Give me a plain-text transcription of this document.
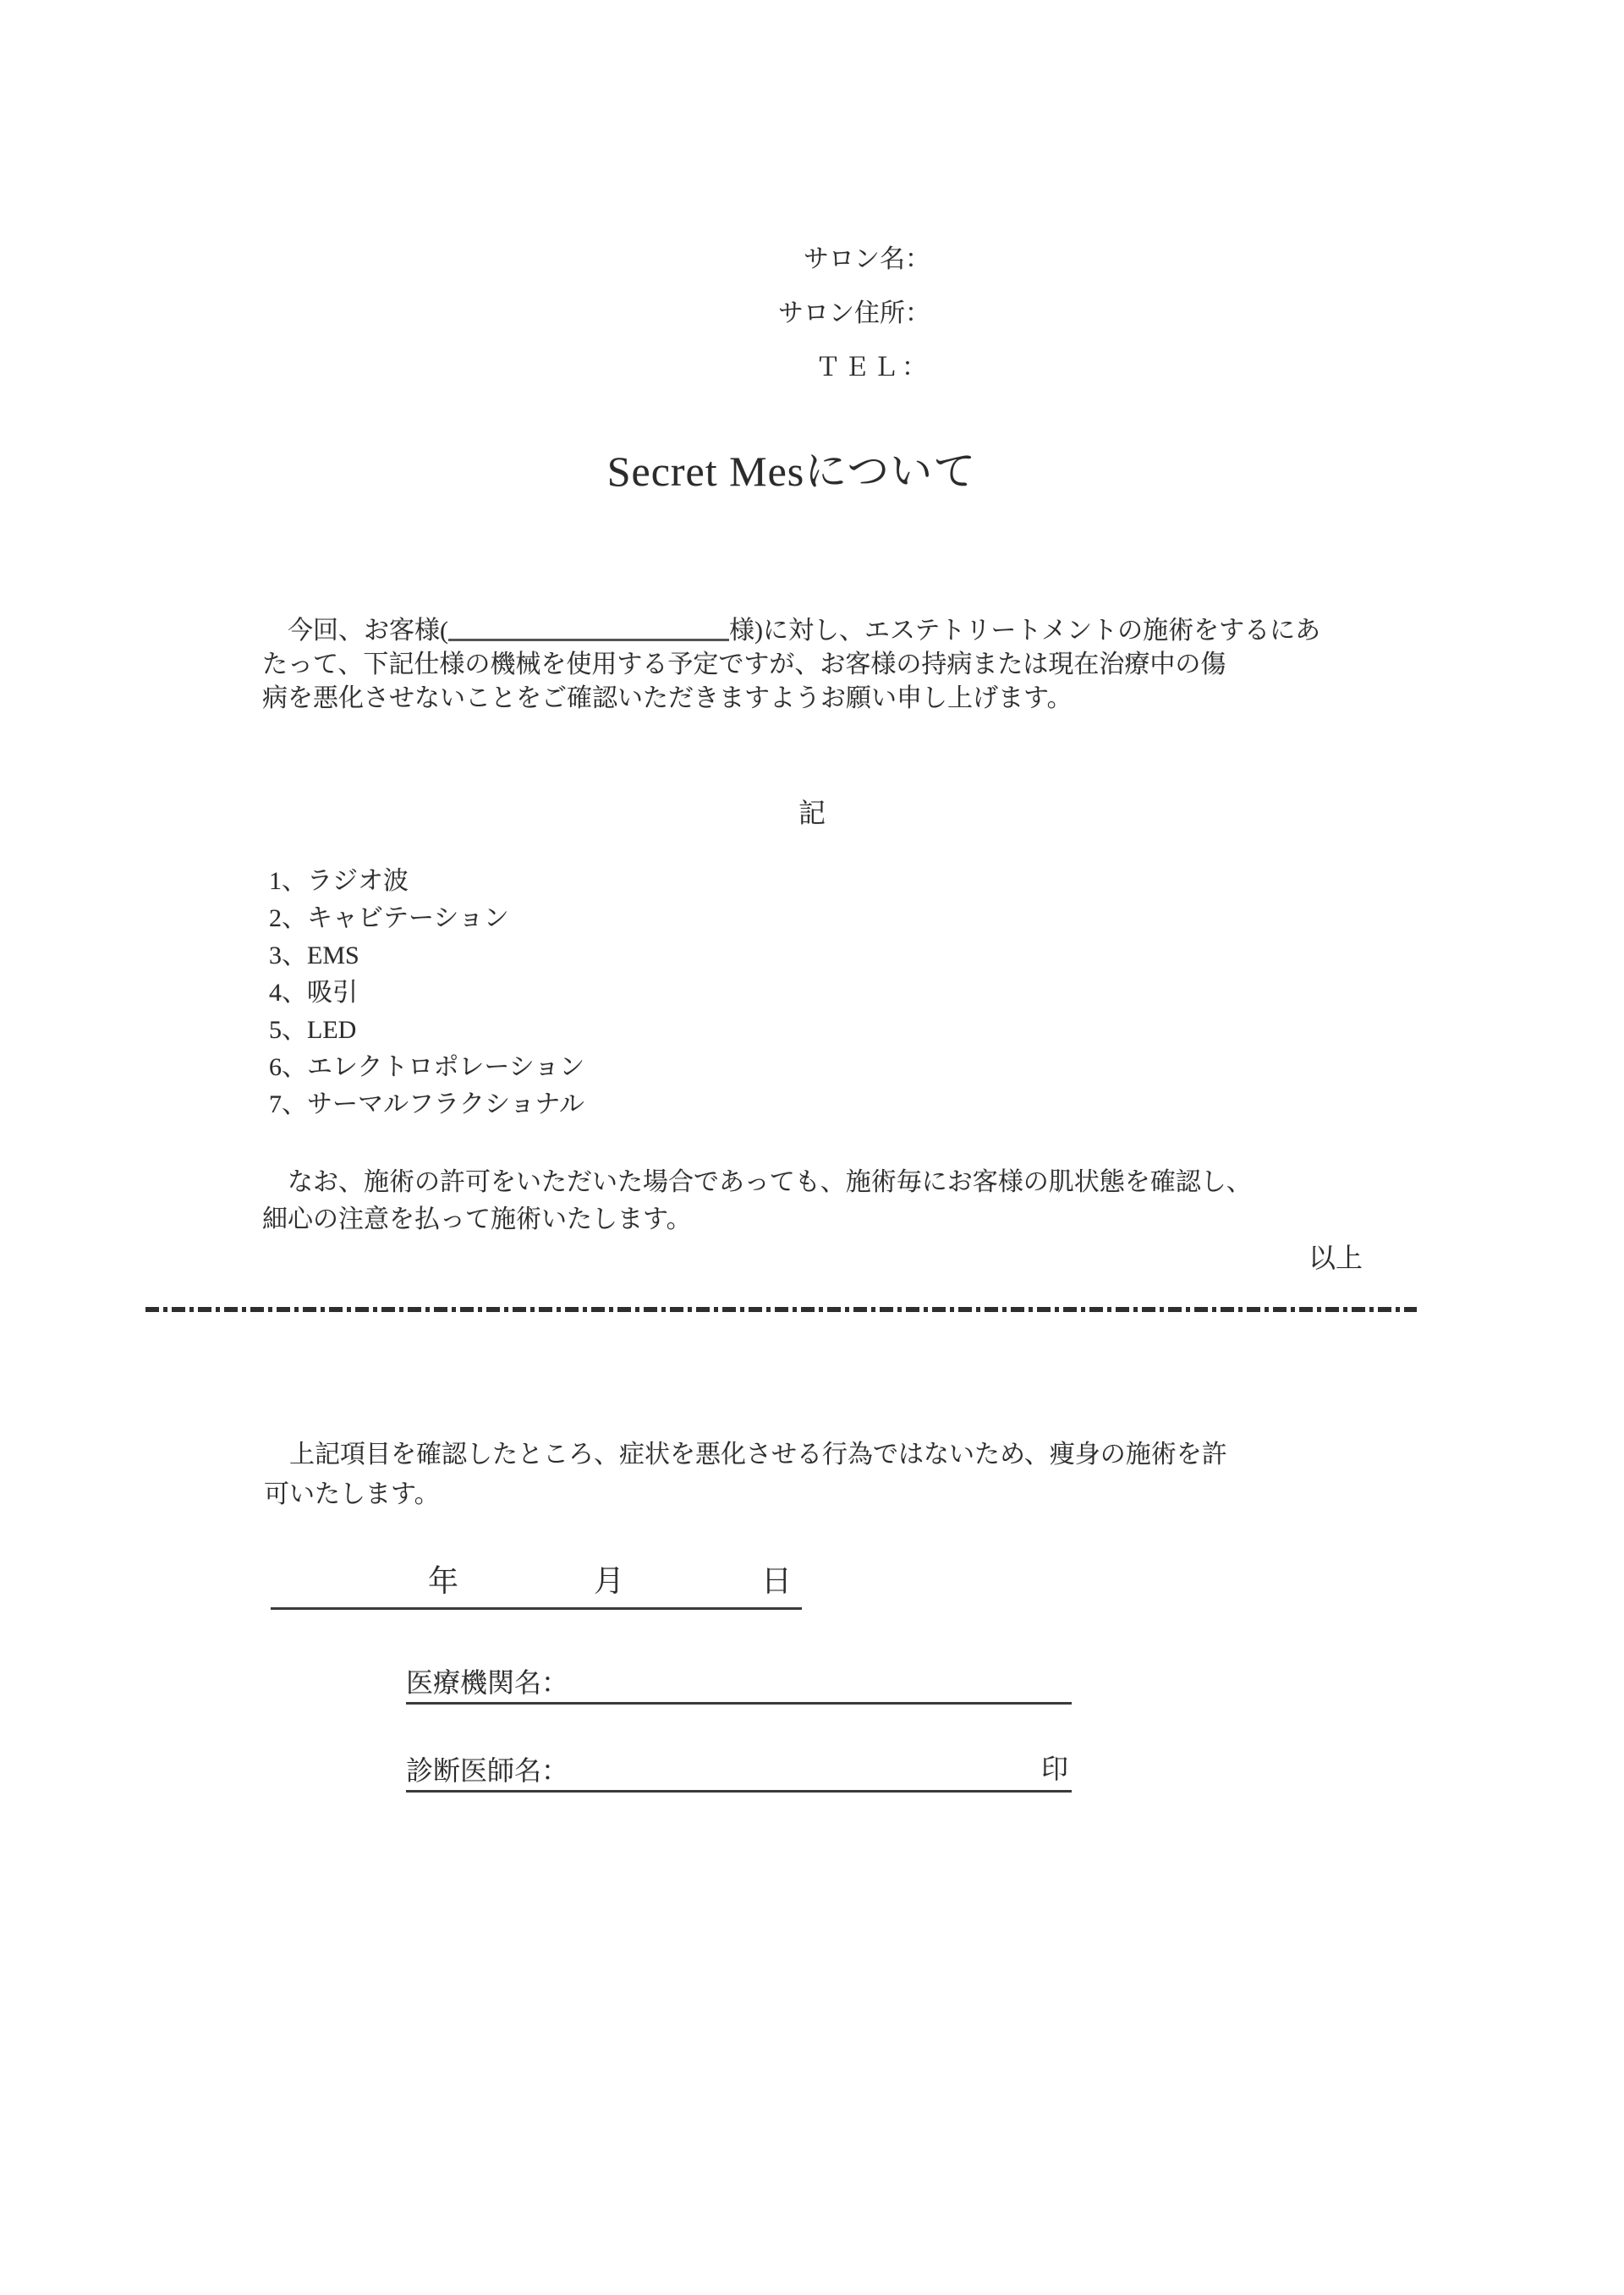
サロン名：
サロン住所：
ＴＥＬ：
Secret Mesについて
　今回、お客様(	様)に対し、エステトリートメントの施術をするにあ
たって、下記仕様の機械を使用する予定ですが、お客様の持病または現在治療中の傷
病を悪化させないことをご確認いただきますようお願い申し上げます。
記
1、ラジオ波
2、キャビテーション
3、EMS
4、吸引
5、LED
6、エレクトロポレーション
7、サーマルフラクショナル
　なお、施術の許可をいただいた場合であっても、施術毎にお客様の肌状態を確認し、
細心の注意を払って施術いたします。
以上
　上記項目を確認したところ、症状を悪化させる行為ではないため、痩身の施術を許
可いたします。
年	月	日
医療機関名：
診断医師名：	印
